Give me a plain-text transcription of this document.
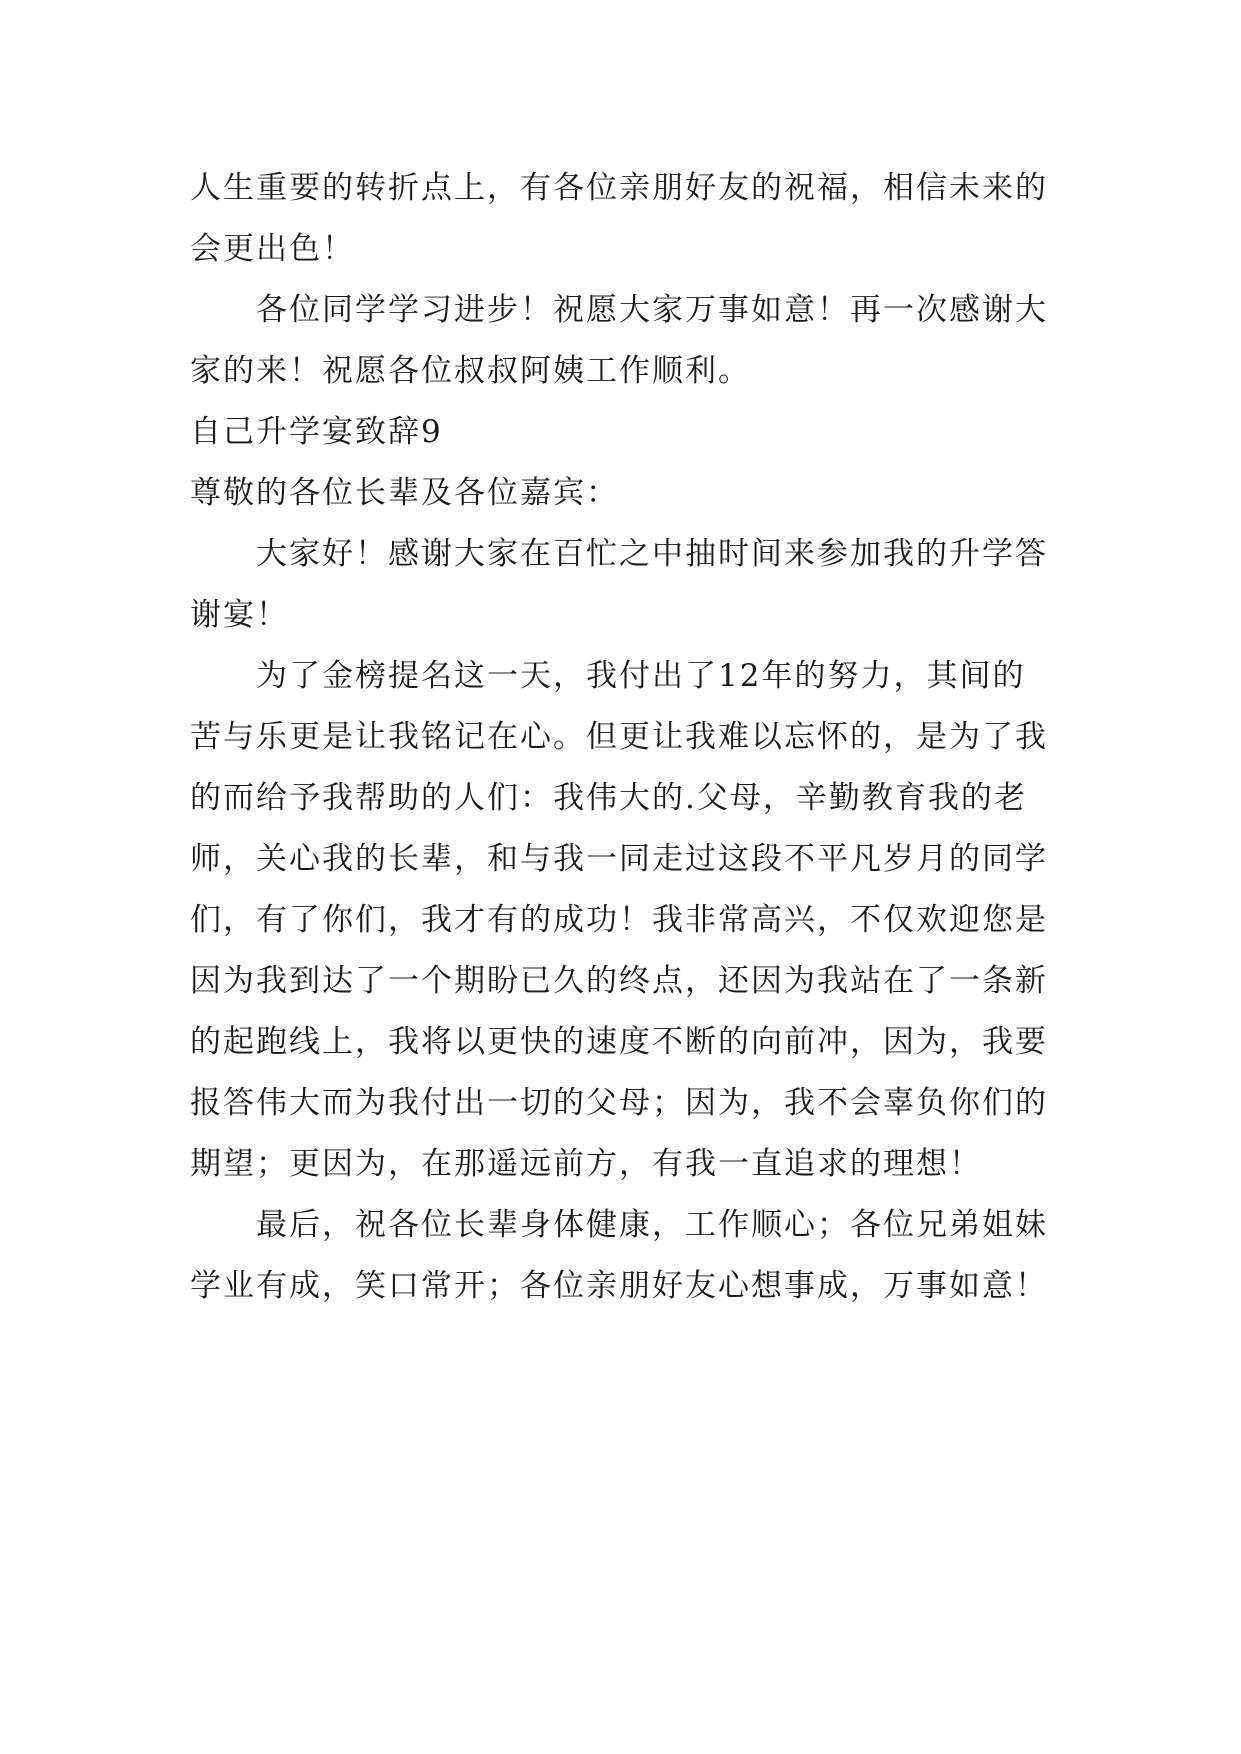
人生重要的转折点上，有各位亲朋好友的祝福，相信未来的会更出色！

各位同学学习进步！祝愿大家万事如意！再一次感谢大家的来！祝愿各位叔叔阿姨工作顺利。

自己升学宴致辞9

尊敬的各位长辈及各位嘉宾：

大家好！感谢大家在百忙之中抽时间来参加我的升学答谢宴！

为了金榜提名这一天，我付出了12年的努力，其间的苦与乐更是让我铭记在心。但更让我难以忘怀的，是为了我的而给予我帮助的人们：我伟大的.父母，辛勤教育我的老师，关心我的长辈，和与我一同走过这段不平凡岁月的同学们，有了你们，我才有的成功！我非常高兴，不仅欢迎您是因为我到达了一个期盼已久的终点，还因为我站在了一条新的起跑线上，我将以更快的速度不断的向前冲，因为，我要报答伟大而为我付出一切的父母；因为，我不会辜负你们的期望；更因为，在那遥远前方，有我一直追求的理想！

最后，祝各位长辈身体健康，工作顺心；各位兄弟姐妹学业有成，笑口常开；各位亲朋好友心想事成，万事如意！
